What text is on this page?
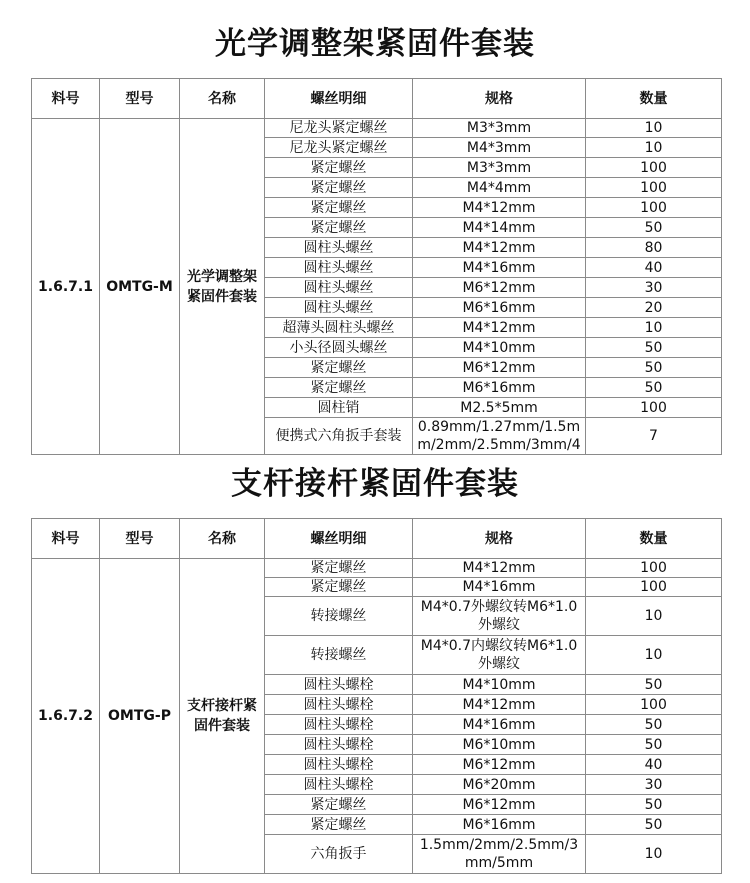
光学调整架紧固件套装
料号	型号	名称	螺丝明细	规格	数量
1.6.7.1	OMTG-M	光学调整架紧固件套装	尼龙头紧定螺丝	M3*3mm	10
			尼龙头紧定螺丝	M4*3mm	10
			紧定螺丝	M3*3mm	100
			紧定螺丝	M4*4mm	100
			紧定螺丝	M4*12mm	100
			紧定螺丝	M4*14mm	50
			圆柱头螺丝	M4*12mm	80
			圆柱头螺丝	M4*16mm	40
			圆柱头螺丝	M6*12mm	30
			圆柱头螺丝	M6*16mm	20
			超薄头圆柱头螺丝	M4*12mm	10
			小头径圆头螺丝	M4*10mm	50
			紧定螺丝	M6*12mm	50
			紧定螺丝	M6*16mm	50
			圆柱销	M2.5*5mm	100
			便携式六角扳手套装	0.89mm/1.27mm/1.5mm/2mm/2.5mm/3mm/4	7
支杆接杆紧固件套装
料号	型号	名称	螺丝明细	规格	数量
1.6.7.2	OMTG-P	支杆接杆紧固件套装	紧定螺丝	M4*12mm	100
			紧定螺丝	M4*16mm	100
			转接螺丝	M4*0.7外螺纹转M6*1.0外螺纹	10
			转接螺丝	M4*0.7内螺纹转M6*1.0外螺纹	10
			圆柱头螺栓	M4*10mm	50
			圆柱头螺栓	M4*12mm	100
			圆柱头螺栓	M4*16mm	50
			圆柱头螺栓	M6*10mm	50
			圆柱头螺栓	M6*12mm	40
			圆柱头螺栓	M6*20mm	30
			紧定螺丝	M6*12mm	50
			紧定螺丝	M6*16mm	50
			六角扳手	1.5mm/2mm/2.5mm/3mm/5mm	10
